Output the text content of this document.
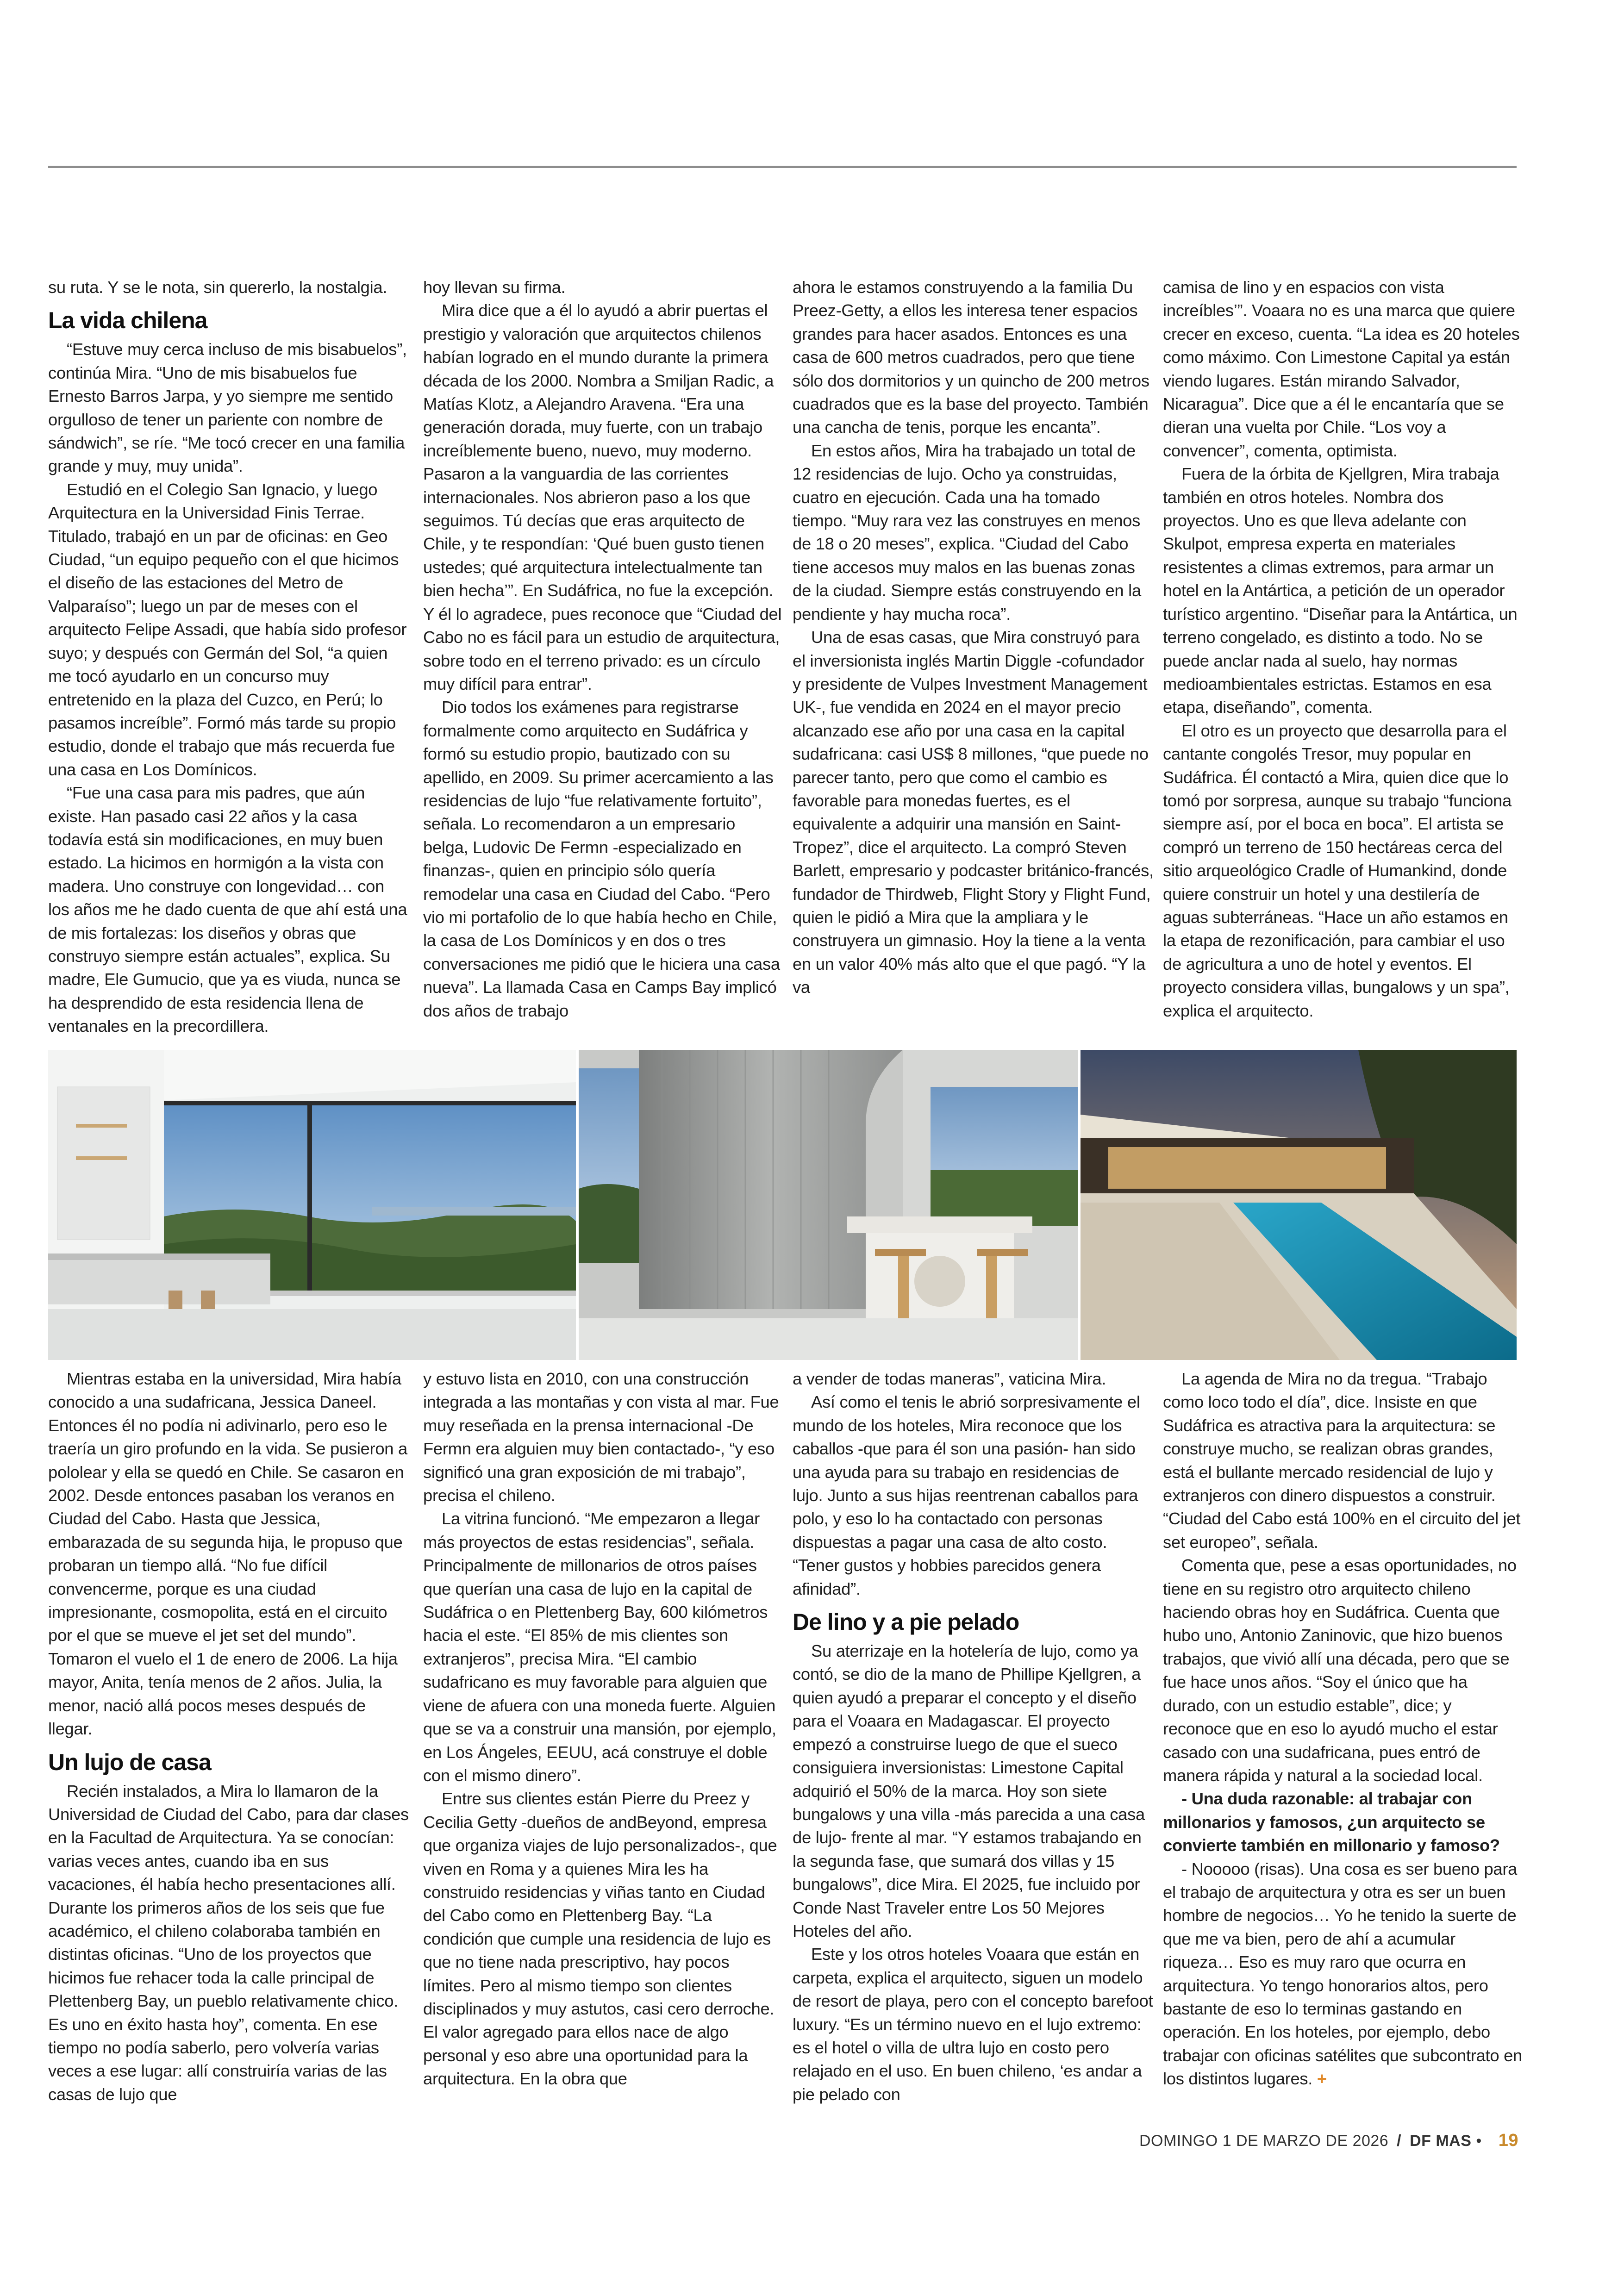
su ruta. Y se le nota, sin quererlo, la nostalgia.

La vida chilena

“Estuve muy cerca incluso de mis bisabuelos”, continúa Mira. “Uno de mis bisabuelos fue Ernesto Barros Jarpa, y yo siempre me sentido orgulloso de tener un pariente con nombre de sándwich”, se ríe. “Me tocó crecer en una familia grande y muy, muy unida”.

Estudió en el Colegio San Ignacio, y luego Arquitectura en la Universidad Finis Terrae. Titulado, trabajó en un par de oficinas: en Geo Ciudad, “un equipo pequeño con el que hicimos el diseño de las estaciones del Metro de Valparaíso”; luego un par de meses con el arquitecto Felipe Assadi, que había sido profesor suyo; y después con Germán del Sol, “a quien me tocó ayudarlo en un concurso muy entretenido en la plaza del Cuzco, en Perú; lo pasamos increíble”. Formó más tarde su propio estudio, donde el trabajo que más recuerda fue una casa en Los Domínicos.

“Fue una casa para mis padres, que aún existe. Han pasado casi 22 años y la casa todavía está sin modificaciones, en muy buen estado. La hicimos en hormigón a la vista con madera. Uno construye con longevidad… con los años me he dado cuenta de que ahí está una de mis fortalezas: los diseños y obras que construyo siempre están actuales”, explica. Su madre, Ele Gumucio, que ya es viuda, nunca se ha desprendido de esta residencia llena de ventanales en la precordillera.

hoy llevan su firma.

Mira dice que a él lo ayudó a abrir puertas el prestigio y valoración que arquitectos chilenos habían logrado en el mundo durante la primera década de los 2000. Nombra a Smiljan Radic, a Matías Klotz, a Alejandro Aravena. “Era una generación dorada, muy fuerte, con un trabajo increíblemente bueno, nuevo, muy moderno. Pasaron a la vanguardia de las corrientes internacionales. Nos abrieron paso a los que seguimos. Tú decías que eras arquitecto de Chile, y te respondían: ‘Qué buen gusto tienen ustedes; qué arquitectura intelectualmente tan bien hecha’”. En Sudáfrica, no fue la excepción. Y él lo agradece, pues reconoce que “Ciudad del Cabo no es fácil para un estudio de arquitectura, sobre todo en el terreno privado: es un círculo muy difícil para entrar”.

Dio todos los exámenes para registrarse formalmente como arquitecto en Sudáfrica y formó su estudio propio, bautizado con su apellido, en 2009. Su primer acercamiento a las residencias de lujo “fue relativamente fortuito”, señala. Lo recomendaron a un empresario belga, Ludovic De Fermn -especializado en finanzas-, quien en principio sólo quería remodelar una casa en Ciudad del Cabo. “Pero vio mi portafolio de lo que había hecho en Chile, la casa de Los Domínicos y en dos o tres conversaciones me pidió que le hiciera una casa nueva”. La llamada Casa en Camps Bay implicó dos años de trabajo

ahora le estamos construyendo a la familia Du Preez-Getty, a ellos les interesa tener espacios grandes para hacer asados. Entonces es una casa de 600 metros cuadrados, pero que tiene sólo dos dormitorios y un quincho de 200 metros cuadrados que es la base del proyecto. También una cancha de tenis, porque les encanta”.

En estos años, Mira ha trabajado un total de 12 residencias de lujo. Ocho ya construidas, cuatro en ejecución. Cada una ha tomado tiempo. “Muy rara vez las construyes en menos de 18 o 20 meses”, explica. “Ciudad del Cabo tiene accesos muy malos en las buenas zonas de la ciudad. Siempre estás construyendo en la pendiente y hay mucha roca”.

Una de esas casas, que Mira construyó para el inversionista inglés Martin Diggle -cofundador y presidente de Vulpes Investment Management UK-, fue vendida en 2024 en el mayor precio alcanzado ese año por una casa en la capital sudafricana: casi US$ 8 millones, “que puede no parecer tanto, pero que como el cambio es favorable para monedas fuertes, es el equivalente a adquirir una mansión en Saint-Tropez”, dice el arquitecto. La compró Steven Barlett, empresario y podcaster británico-francés, fundador de Thirdweb, Flight Story y Flight Fund, quien le pidió a Mira que la ampliara y le construyera un gimnasio. Hoy la tiene a la venta en un valor 40% más alto que el que pagó. “Y la va

camisa de lino y en espacios con vista increíbles’”. Voaara no es una marca que quiere crecer en exceso, cuenta. “La idea es 20 hoteles como máximo. Con Limestone Capital ya están viendo lugares. Están mirando Salvador, Nicaragua”. Dice que a él le encantaría que se dieran una vuelta por Chile. “Los voy a convencer”, comenta, optimista.

Fuera de la órbita de Kjellgren, Mira trabaja también en otros hoteles. Nombra dos proyectos. Uno es que lleva adelante con Skulpot, empresa experta en materiales resistentes a climas extremos, para armar un hotel en la Antártica, a petición de un operador turístico argentino. “Diseñar para la Antártica, un terreno congelado, es distinto a todo. No se puede anclar nada al suelo, hay normas medioambientales estrictas. Estamos en esa etapa, diseñando”, comenta.

El otro es un proyecto que desarrolla para el cantante congolés Tresor, muy popular en Sudáfrica. Él contactó a Mira, quien dice que lo tomó por sorpresa, aunque su trabajo “funciona siempre así, por el boca en boca”. El artista se compró un terreno de 150 hectáreas cerca del sitio arqueológico Cradle of Humankind, donde quiere construir un hotel y una destilería de aguas subterráneas. “Hace un año estamos en la etapa de rezonificación, para cambiar el uso de agricultura a uno de hotel y eventos. El proyecto considera villas, bungalows y un spa”, explica el arquitecto.

Mientras estaba en la universidad, Mira había conocido a una sudafricana, Jessica Daneel. Entonces él no podía ni adivinarlo, pero eso le traería un giro profundo en la vida. Se pusieron a pololear y ella se quedó en Chile. Se casaron en 2002. Desde entonces pasaban los veranos en Ciudad del Cabo. Hasta que Jessica, embarazada de su segunda hija, le propuso que probaran un tiempo allá. “No fue difícil convencerme, porque es una ciudad impresionante, cosmopolita, está en el circuito por el que se mueve el jet set del mundo”. Tomaron el vuelo el 1 de enero de 2006. La hija mayor, Anita, tenía menos de 2 años. Julia, la menor, nació allá pocos meses después de llegar.

Un lujo de casa

Recién instalados, a Mira lo llamaron de la Universidad de Ciudad del Cabo, para dar clases en la Facultad de Arquitectura. Ya se conocían: varias veces antes, cuando iba en sus vacaciones, él había hecho presentaciones allí. Durante los primeros años de los seis que fue académico, el chileno colaboraba también en distintas oficinas. “Uno de los proyectos que hicimos fue rehacer toda la calle principal de Plettenberg Bay, un pueblo relativamente chico. Es uno en éxito hasta hoy”, comenta. En ese tiempo no podía saberlo, pero volvería varias veces a ese lugar: allí construiría varias de las casas de lujo que

y estuvo lista en 2010, con una construcción integrada a las montañas y con vista al mar. Fue muy reseñada en la prensa internacional -De Fermn era alguien muy bien contactado-, “y eso significó una gran exposición de mi trabajo”, precisa el chileno.

La vitrina funcionó. “Me empezaron a llegar más proyectos de estas residencias”, señala. Principalmente de millonarios de otros países que querían una casa de lujo en la capital de Sudáfrica o en Plettenberg Bay, 600 kilómetros hacia el este. “El 85% de mis clientes son extranjeros”, precisa Mira. “El cambio sudafricano es muy favorable para alguien que viene de afuera con una moneda fuerte. Alguien que se va a construir una mansión, por ejemplo, en Los Ángeles, EEUU, acá construye el doble con el mismo dinero”.

Entre sus clientes están Pierre du Preez y Cecilia Getty -dueños de andBeyond, empresa que organiza viajes de lujo personalizados-, que viven en Roma y a quienes Mira les ha construido residencias y viñas tanto en Ciudad del Cabo como en Plettenberg Bay. “La condición que cumple una residencia de lujo es que no tiene nada prescriptivo, hay pocos límites. Pero al mismo tiempo son clientes disciplinados y muy astutos, casi cero derroche. El valor agregado para ellos nace de algo personal y eso abre una oportunidad para la arquitectura. En la obra que

a vender de todas maneras”, vaticina Mira.

Así como el tenis le abrió sorpresivamente el mundo de los hoteles, Mira reconoce que los caballos -que para él son una pasión- han sido una ayuda para su trabajo en residencias de lujo. Junto a sus hijas reentrenan caballos para polo, y eso lo ha contactado con personas dispuestas a pagar una casa de alto costo. “Tener gustos y hobbies parecidos genera afinidad”.

De lino y a pie pelado

Su aterrizaje en la hotelería de lujo, como ya contó, se dio de la mano de Phillipe Kjellgren, a quien ayudó a preparar el concepto y el diseño para el Voaara en Madagascar. El proyecto empezó a construirse luego de que el sueco consiguiera inversionistas: Limestone Capital adquirió el 50% de la marca. Hoy son siete bungalows y una villa -más parecida a una casa de lujo- frente al mar. “Y estamos trabajando en la segunda fase, que sumará dos villas y 15 bungalows”, dice Mira. El 2025, fue incluido por Conde Nast Traveler entre Los 50 Mejores Hoteles del año.

Este y los otros hoteles Voaara que están en carpeta, explica el arquitecto, siguen un modelo de resort de playa, pero con el concepto barefoot luxury. “Es un término nuevo en el lujo extremo: es el hotel o villa de ultra lujo en costo pero relajado en el uso. En buen chileno, ‘es andar a pie pelado con

La agenda de Mira no da tregua. “Trabajo como loco todo el día”, dice. Insiste en que Sudáfrica es atractiva para la arquitectura: se construye mucho, se realizan obras grandes, está el bullante mercado residencial de lujo y extranjeros con dinero dispuestos a construir. “Ciudad del Cabo está 100% en el circuito del jet set europeo”, señala.

Comenta que, pese a esas oportunidades, no tiene en su registro otro arquitecto chileno haciendo obras hoy en Sudáfrica. Cuenta que hubo uno, Antonio Zaninovic, que hizo buenos trabajos, que vivió allí una década, pero que se fue hace unos años. “Soy el único que ha durado, con un estudio estable”, dice; y reconoce que en eso lo ayudó mucho el estar casado con una sudafricana, pues entró de manera rápida y natural a la sociedad local.

- Una duda razonable: al trabajar con millonarios y famosos, ¿un arquitecto se convierte también en millonario y famoso?

- Nooooo (risas). Una cosa es ser bueno para el trabajo de arquitectura y otra es ser un buen hombre de negocios… Yo he tenido la suerte de que me va bien, pero de ahí a acumular riqueza… Eso es muy raro que ocurra en arquitectura. Yo tengo honorarios altos, pero bastante de eso lo terminas gastando en operación. En los hoteles, por ejemplo, debo trabajar con oficinas satélites que subcontrato en los distintos lugares. +

DOMINGO 1 DE MARZO DE 2026 / DF MAS • 19
